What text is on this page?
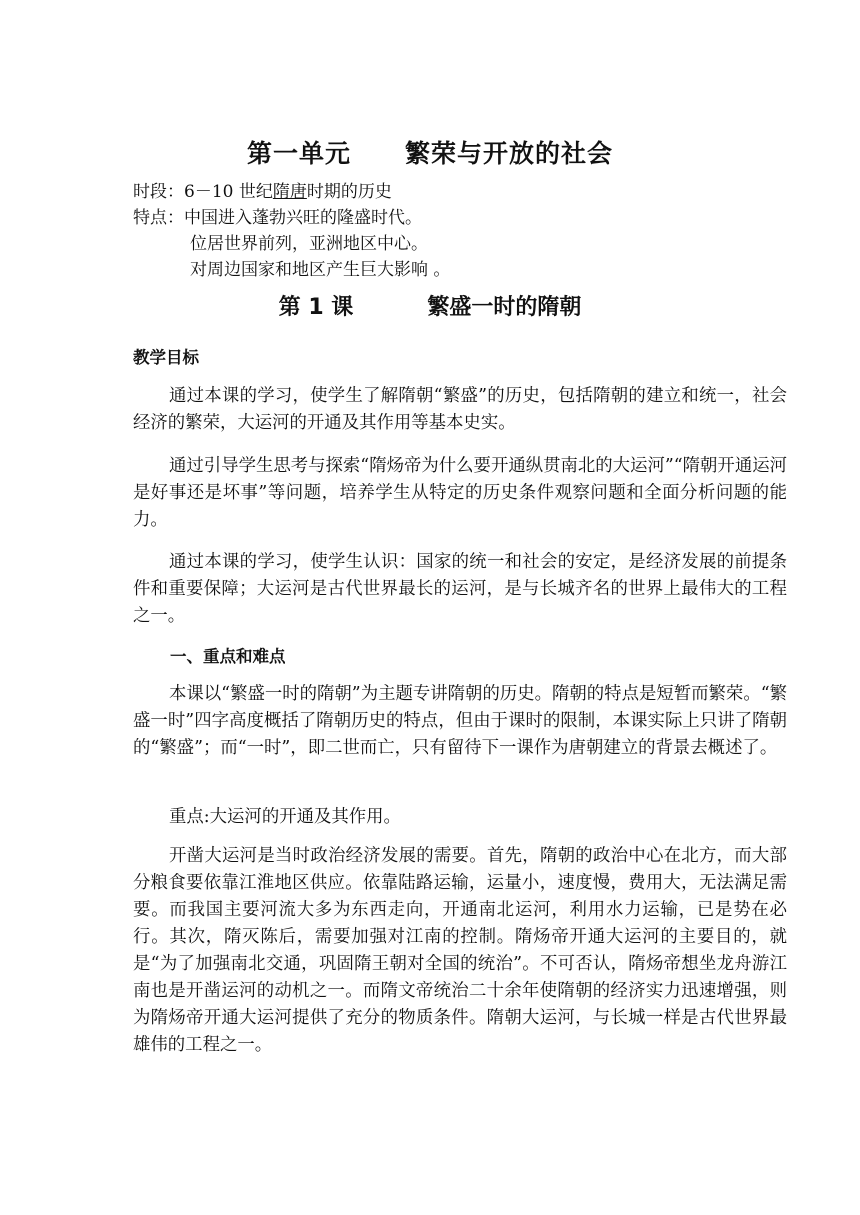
第一单元 繁荣与开放的社会
时段：6－10 世纪隋唐时期的历史
特点：中国进入蓬勃兴旺的隆盛时代。
位居世界前列，亚洲地区中心。
对周边国家和地区产生巨大影响 。
第 1 课	繁盛一时的隋朝
教学目标

通过本课的学习，使学生了解隋朝“繁盛”的历史，包括隋朝的建立和统一，社会经济的繁荣，大运河的开通及其作用等基本史实。

通过引导学生思考与探索“隋炀帝为什么要开通纵贯南北的大运河”“隋朝开通运河是好事还是坏事”等问题，培养学生从特定的历史条件观察问题和全面分析问题的能力。

通过本课的学习，使学生认识：国家的统一和社会的安定，是经济发展的前提条件和重要保障；大运河是古代世界最长的运河，是与长城齐名的世界上最伟大的工程之一。

一、重点和难点

本课以“繁盛一时的隋朝”为主题专讲隋朝的历史。隋朝的特点是短暂而繁荣。“繁盛一时”四字高度概括了隋朝历史的特点，但由于课时的限制，本课实际上只讲了隋朝的“繁盛”；而“一时”，即二世而亡，只有留待下一课作为唐朝建立的背景去概述了。

重点:大运河的开通及其作用。

开凿大运河是当时政治经济发展的需要。首先，隋朝的政治中心在北方，而大部分粮食要依靠江淮地区供应。依靠陆路运输，运量小，速度慢，费用大，无法满足需要。而我国主要河流大多为东西走向，开通南北运河，利用水力运输，已是势在必行。其次，隋灭陈后，需要加强对江南的控制。隋炀帝开通大运河的主要目的，就是“为了加强南北交通，巩固隋王朝对全国的统治”。不可否认，隋炀帝想坐龙舟游江南也是开凿运河的动机之一。而隋文帝统治二十余年使隋朝的经济实力迅速增强，则为隋炀帝开通大运河提供了充分的物质条件。隋朝大运河，与长城一样是古代世界最雄伟的工程之一。
